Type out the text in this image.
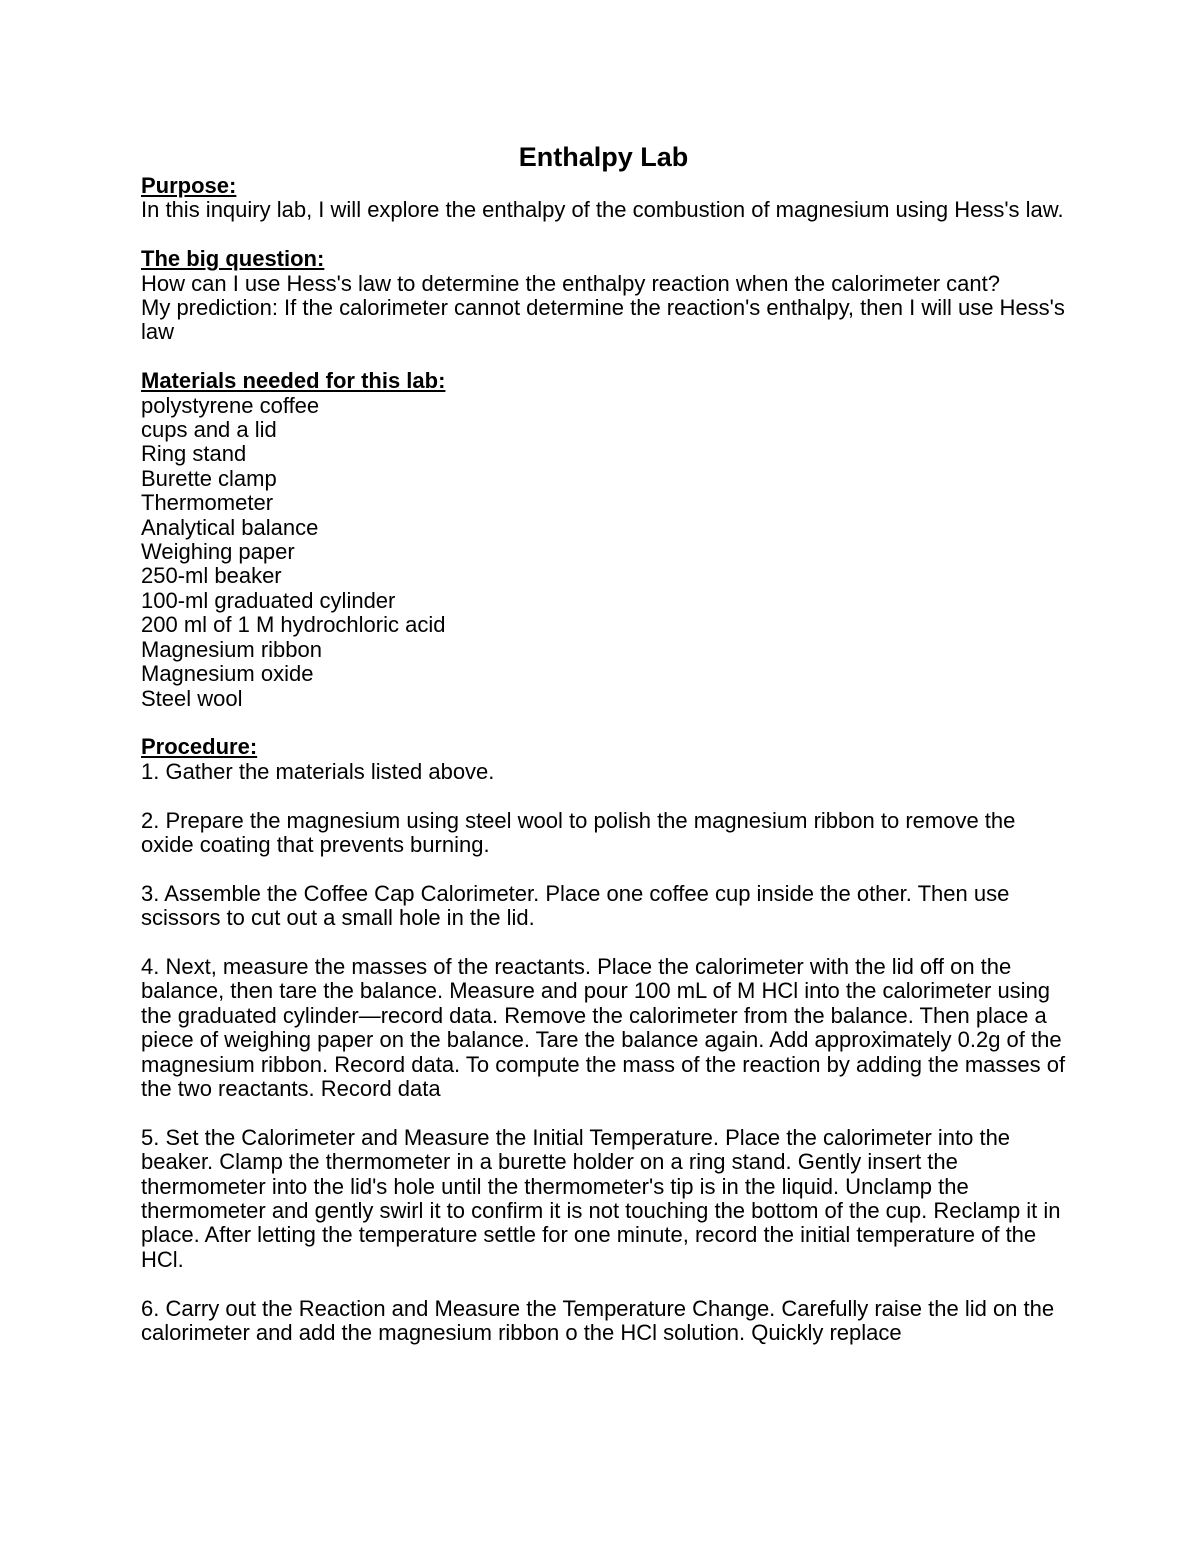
Enthalpy Lab

Purpose:

In this inquiry lab, I will explore the enthalpy of the combustion of magnesium using Hess's law.

The big question:

How can I use Hess's law to determine the enthalpy reaction when the calorimeter cant?

My prediction: If the calorimeter cannot determine the reaction's enthalpy, then I will use Hess's law

Materials needed for this lab:

polystyrene coffee
cups and a lid
Ring stand
Burette clamp
Thermometer
Analytical balance
Weighing paper
250-ml beaker
100-ml graduated cylinder
200 ml of 1 M hydrochloric acid
Magnesium ribbon
Magnesium oxide
Steel wool

Procedure:

1. Gather the materials listed above.
2. Prepare the magnesium using steel wool to polish the magnesium ribbon to remove the oxide coating that prevents burning.
3. Assemble the Coffee Cap Calorimeter. Place one coffee cup inside the other. Then use scissors to cut out a small hole in the lid.
4. Next, measure the masses of the reactants. Place the calorimeter with the lid off on the balance, then tare the balance. Measure and pour 100 mL of M HCl into the calorimeter using the graduated cylinder—record data. Remove the calorimeter from the balance. Then place a piece of weighing paper on the balance. Tare the balance again. Add approximately 0.2g of the magnesium ribbon. Record data. To compute the mass of the reaction by adding the masses of the two reactants. Record data
5. Set the Calorimeter and Measure the Initial Temperature. Place the calorimeter into the beaker. Clamp the thermometer in a burette holder on a ring stand. Gently insert the thermometer into the lid's hole until the thermometer's tip is in the liquid. Unclamp the thermometer and gently swirl it to confirm it is not touching the bottom of the cup. Reclamp it in place. After letting the temperature settle for one minute, record the initial temperature of the HCl.
6. Carry out the Reaction and Measure the Temperature Change. Carefully raise the lid on the calorimeter and add the magnesium ribbon o the HCl solution. Quickly replace
